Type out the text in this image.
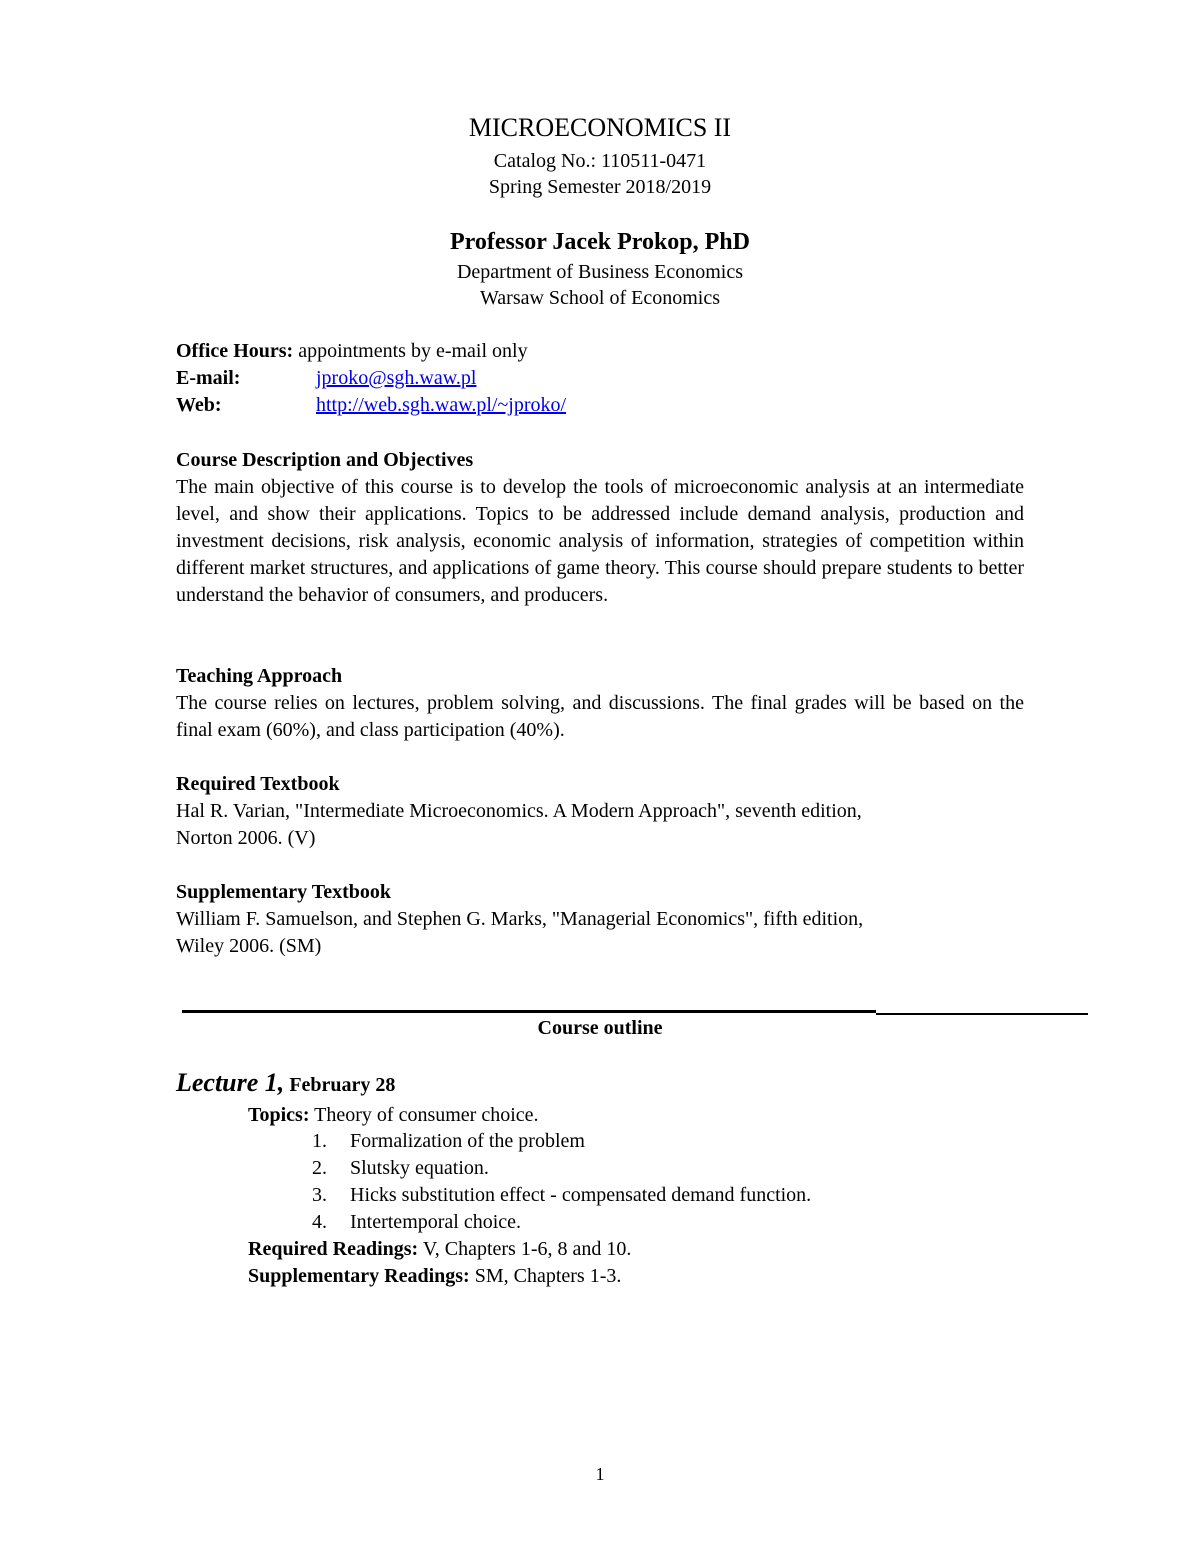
MICROECONOMICS II
Catalog No.: 110511-0471
Spring Semester 2018/2019
Professor Jacek Prokop, PhD
Department of Business Economics
Warsaw School of Economics
Office Hours: appointments by e-mail only
E-mail:	jproko@sgh.waw.pl
Web:	http://web.sgh.waw.pl/~jproko/
Course Description and Objectives
The main objective of this course is to develop the tools of microeconomic analysis at an intermediate level, and show their applications. Topics to be addressed include demand analysis, production and investment decisions, risk analysis, economic analysis of information, strategies of competition within different market structures, and applications of game theory. This course should prepare students to better understand the behavior of consumers, and producers.
Teaching Approach
The course relies on lectures, problem solving, and discussions. The final grades will be based on the final exam (60%), and class participation (40%).
Required Textbook
Hal R. Varian, "Intermediate Microeconomics. A Modern Approach", seventh edition,
Norton 2006. (V)
Supplementary Textbook
William F. Samuelson, and Stephen G. Marks, "Managerial Economics", fifth edition,
Wiley 2006. (SM)
Course outline
Lecture 1, February 28
Topics: Theory of consumer choice.
1. Formalization of the problem
2. Slutsky equation.
3. Hicks substitution effect - compensated demand function.
4. Intertemporal choice.
Required Readings: V, Chapters 1-6, 8 and 10.
Supplementary Readings: SM, Chapters 1-3.
1
